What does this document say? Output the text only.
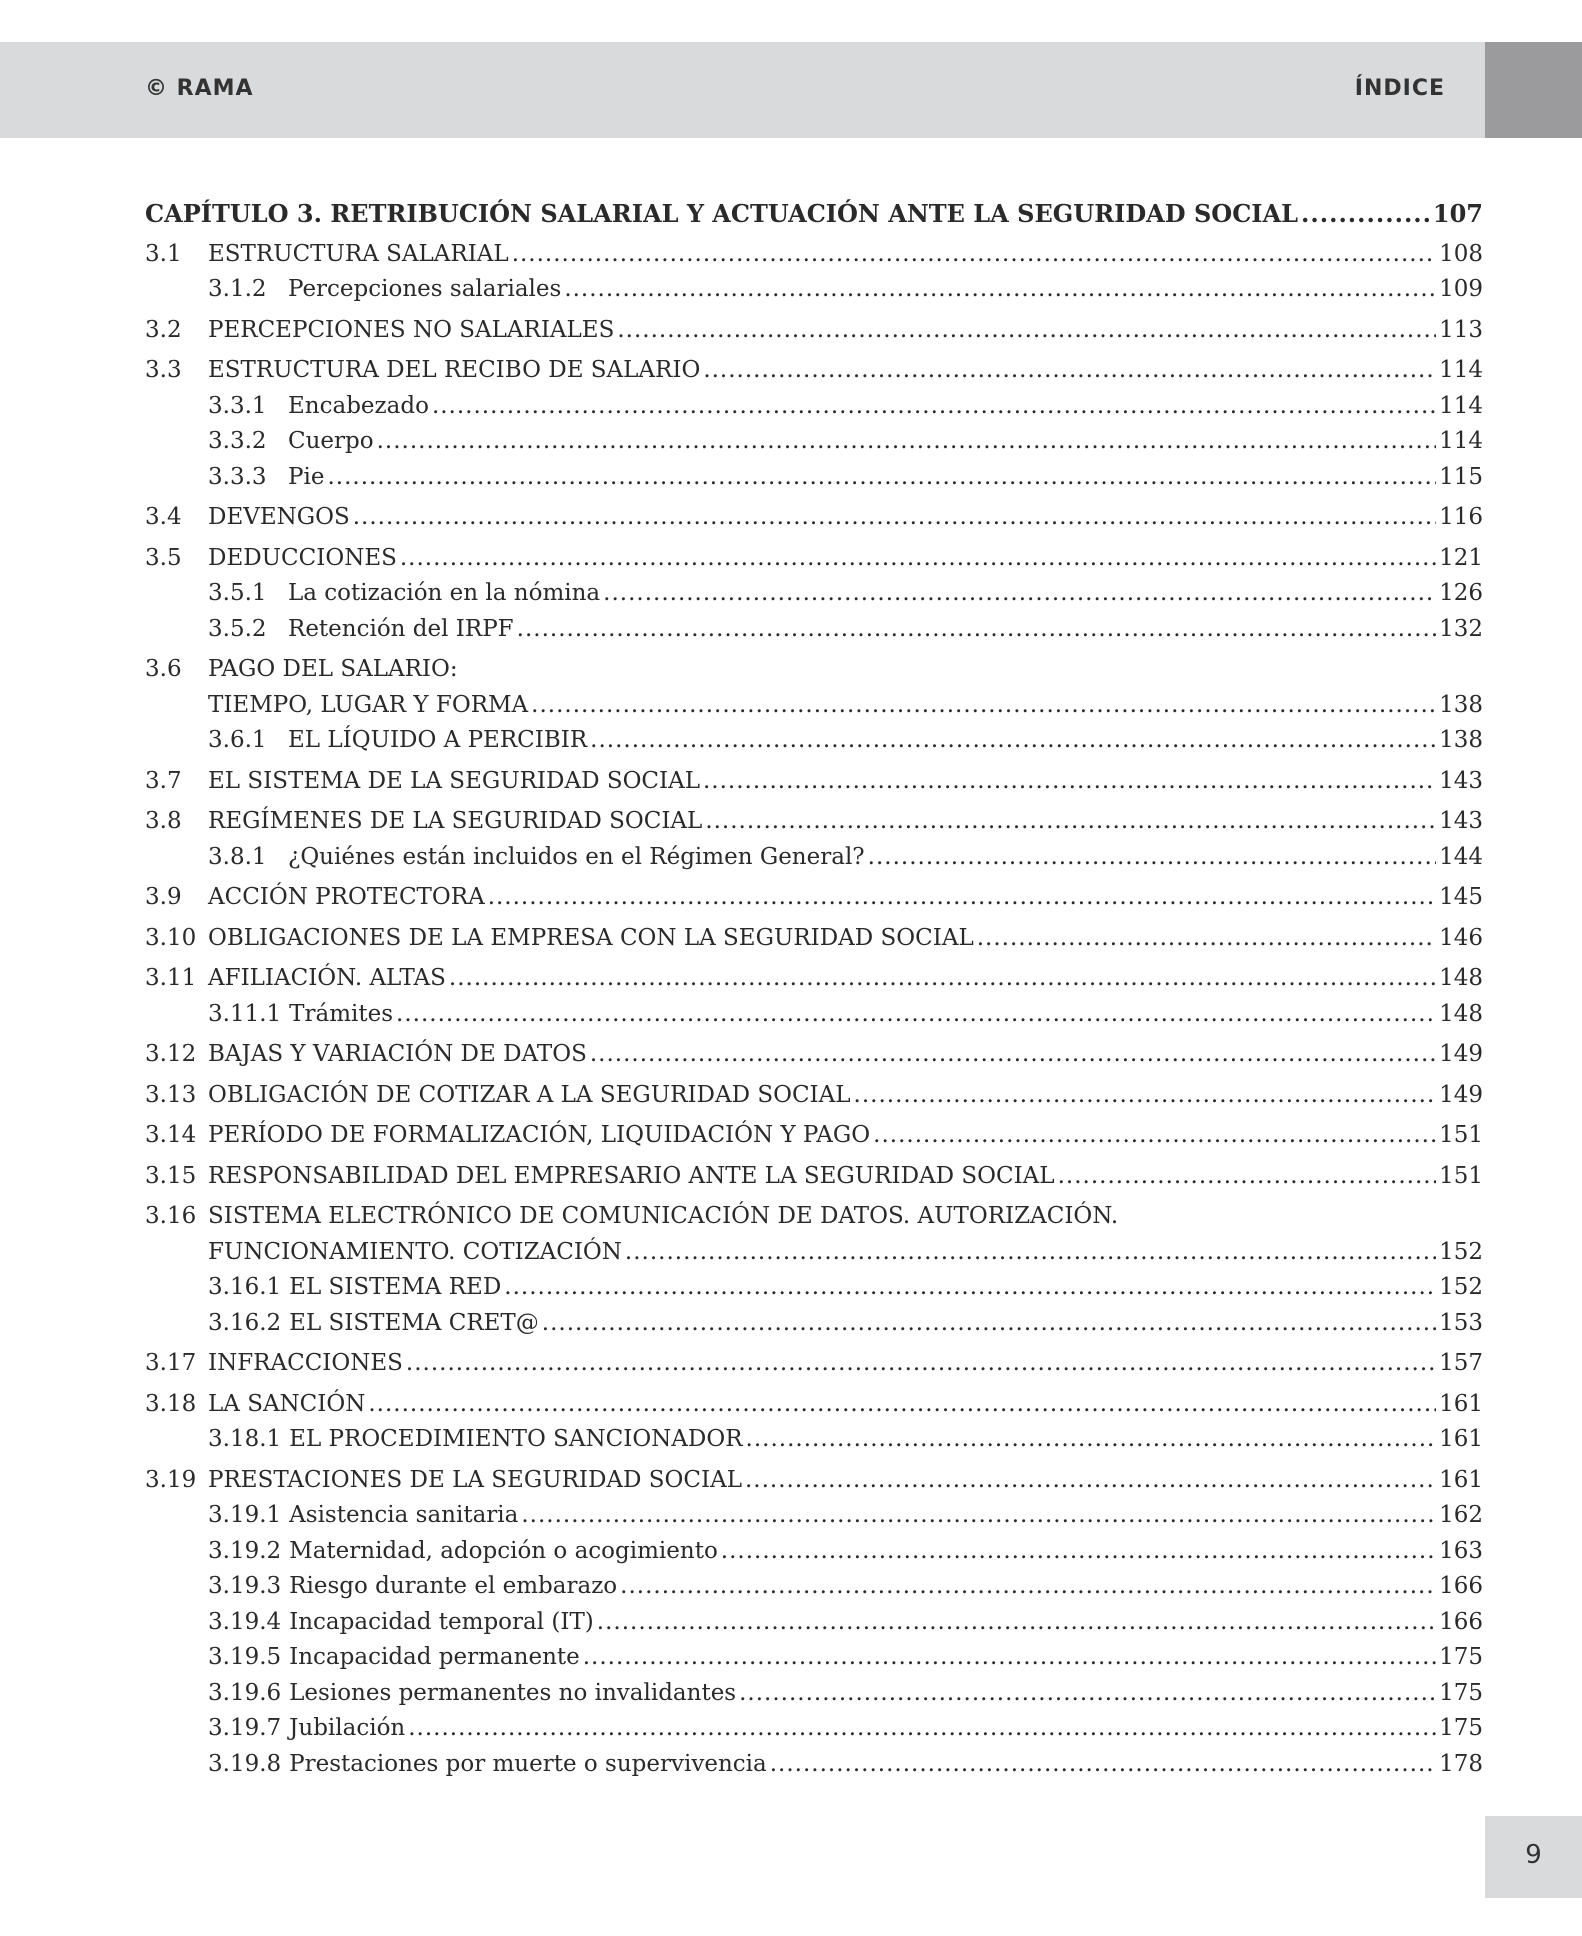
© RAMA	ÍNDICE
CAPÍTULO 3. RETRIBUCIÓN SALARIAL Y ACTUACIÓN ANTE LA SEGURIDAD SOCIAL .....	107
3.1	ESTRUCTURA SALARIAL .....	108
3.1.2 Percepciones salariales .....	109
3.2	PERCEPCIONES NO SALARIALES .....	113
3.3	ESTRUCTURA DEL RECIBO DE SALARIO .....	114
3.3.1 Encabezado .....	114
3.3.2 Cuerpo .....	114
3.3.3 Pie .....	115
3.4	DEVENGOS .....	116
3.5	DEDUCCIONES .....	121
3.5.1 La cotización en la nómina .....	126
3.5.2 Retención del IRPF .....	132
3.6	PAGO DEL SALARIO:
TIEMPO, LUGAR Y FORMA .....	138
3.6.1 EL LÍQUIDO A PERCIBIR .....	138
3.7	EL SISTEMA DE LA SEGURIDAD SOCIAL .....	143
3.8	REGÍMENES DE LA SEGURIDAD SOCIAL .....	143
3.8.1 ¿Quiénes están incluidos en el Régimen General? .....	144
3.9	ACCIÓN PROTECTORA .....	145
3.10 OBLIGACIONES DE LA EMPRESA CON LA SEGURIDAD SOCIAL .....	146
3.11 AFILIACIÓN. ALTAS .....	148
3.11.1 Trámites .....	148
3.12 BAJAS Y VARIACIÓN DE DATOS .....	149
3.13 OBLIGACIÓN DE COTIZAR A LA SEGURIDAD SOCIAL .....	149
3.14 PERÍODO DE FORMALIZACIÓN, LIQUIDACIÓN Y PAGO .....	151
3.15 RESPONSABILIDAD DEL EMPRESARIO ANTE LA SEGURIDAD SOCIAL .....	151
3.16 SISTEMA ELECTRÓNICO DE COMUNICACIÓN DE DATOS. AUTORIZACIÓN.
FUNCIONAMIENTO. COTIZACIÓN .....	152
3.16.1 EL SISTEMA RED .....	152
3.16.2 EL SISTEMA CRET@ .....	153
3.17 INFRACCIONES .....	157
3.18 LA SANCIÓN .....	161
3.18.1 EL PROCEDIMIENTO SANCIONADOR .....	161
3.19 PRESTACIONES DE LA SEGURIDAD SOCIAL .....	161
3.19.1 Asistencia sanitaria .....	162
3.19.2 Maternidad, adopción o acogimiento .....	163
3.19.3 Riesgo durante el embarazo .....	166
3.19.4 Incapacidad temporal (IT) .....	166
3.19.5 Incapacidad permanente .....	175
3.19.6 Lesiones permanentes no invalidantes .....	175
3.19.7 Jubilación .....	175
3.19.8 Prestaciones por muerte o supervivencia .....	178
9
